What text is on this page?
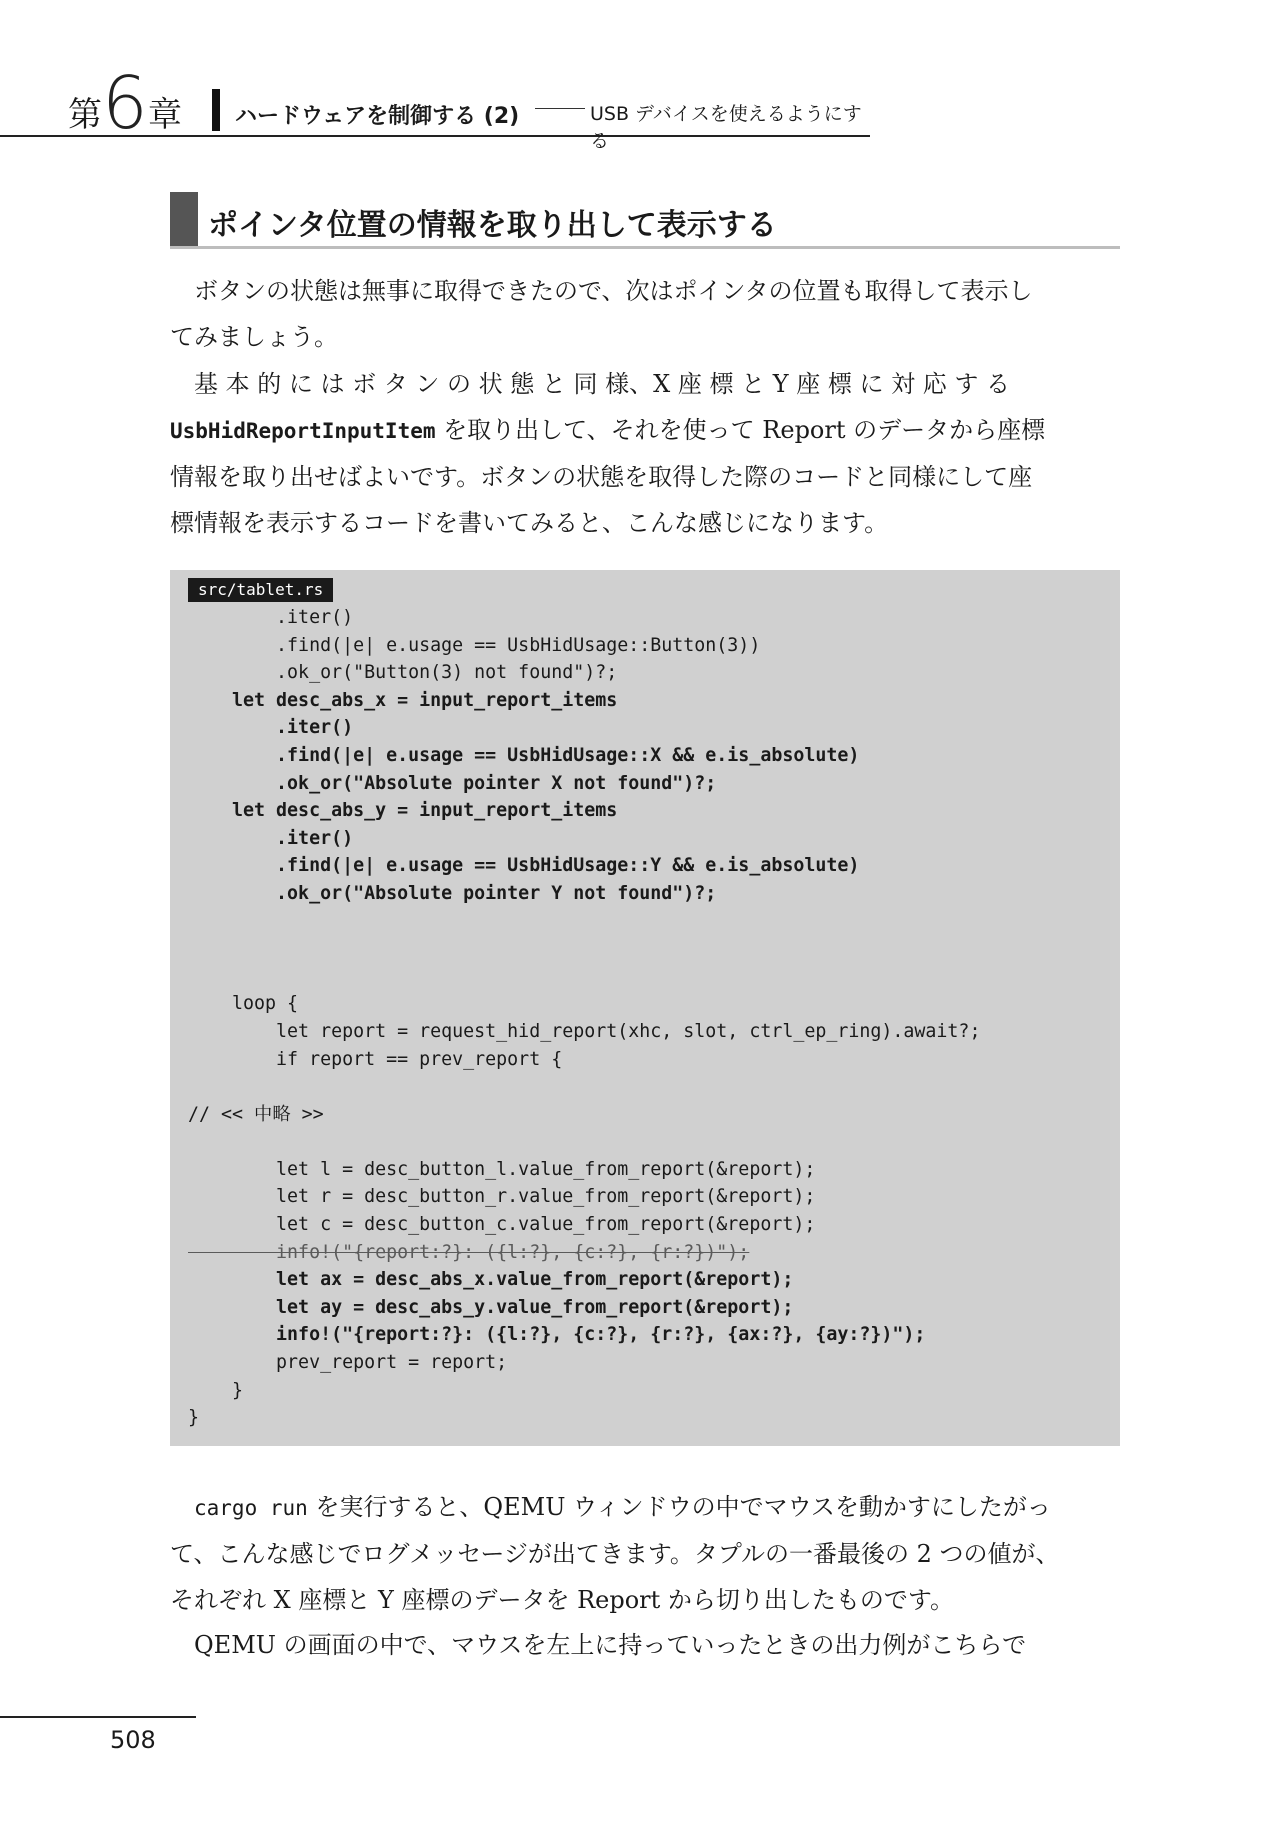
第 6 章 ハードウェアを制御する (2)	USB デバイスを使えるようにする
ポインタ位置の情報を取り出して表示する
　ボタンの状態は無事に取得できたので、次はポインタの位置も取得して表示し
てみましょう。
　基 本 的 に は ボ タ ン の 状 態 と 同 様、X 座 標 と Y 座 標 に 対 応 す る
UsbHidReportInputItem を取り出して、それを使って Report のデータから座標
情報を取り出せばよいです。ボタンの状態を取得した際のコードと同様にして座
標情報を表示するコードを書いてみると、こんな感じになります。
src/tablet.rs
.iter()
.find(|e| e.usage == UsbHidUsage::Button(3))
.ok_or("Button(3) not found")?;
let desc_abs_x = input_report_items
.iter()
.find(|e| e.usage == UsbHidUsage::X && e.is_absolute)
.ok_or("Absolute pointer X not found")?;
let desc_abs_y = input_report_items
.iter()
.find(|e| e.usage == UsbHidUsage::Y && e.is_absolute)
.ok_or("Absolute pointer Y not found")?;
loop {
let report = request_hid_report(xhc, slot, ctrl_ep_ring).await?;
if report == prev_report {
// << 中略 >>
let l = desc_button_l.value_from_report(&report);
let r = desc_button_r.value_from_report(&report);
let c = desc_button_c.value_from_report(&report);
info!("{report:?}: ({l:?}, {c:?}, {r:?})");
let ax = desc_abs_x.value_from_report(&report);
let ay = desc_abs_y.value_from_report(&report);
info!("{report:?}: ({l:?}, {c:?}, {r:?}, {ax:?}, {ay:?})");
prev_report = report;
}
}
　cargo run を実行すると、QEMU ウィンドウの中でマウスを動かすにしたがっ
て、こんな感じでログメッセージが出てきます。タプルの一番最後の 2 つの値が、
それぞれ X 座標と Y 座標のデータを Report から切り出したものです。
　QEMU の画面の中で、マウスを左上に持っていったときの出力例がこちらで
508
